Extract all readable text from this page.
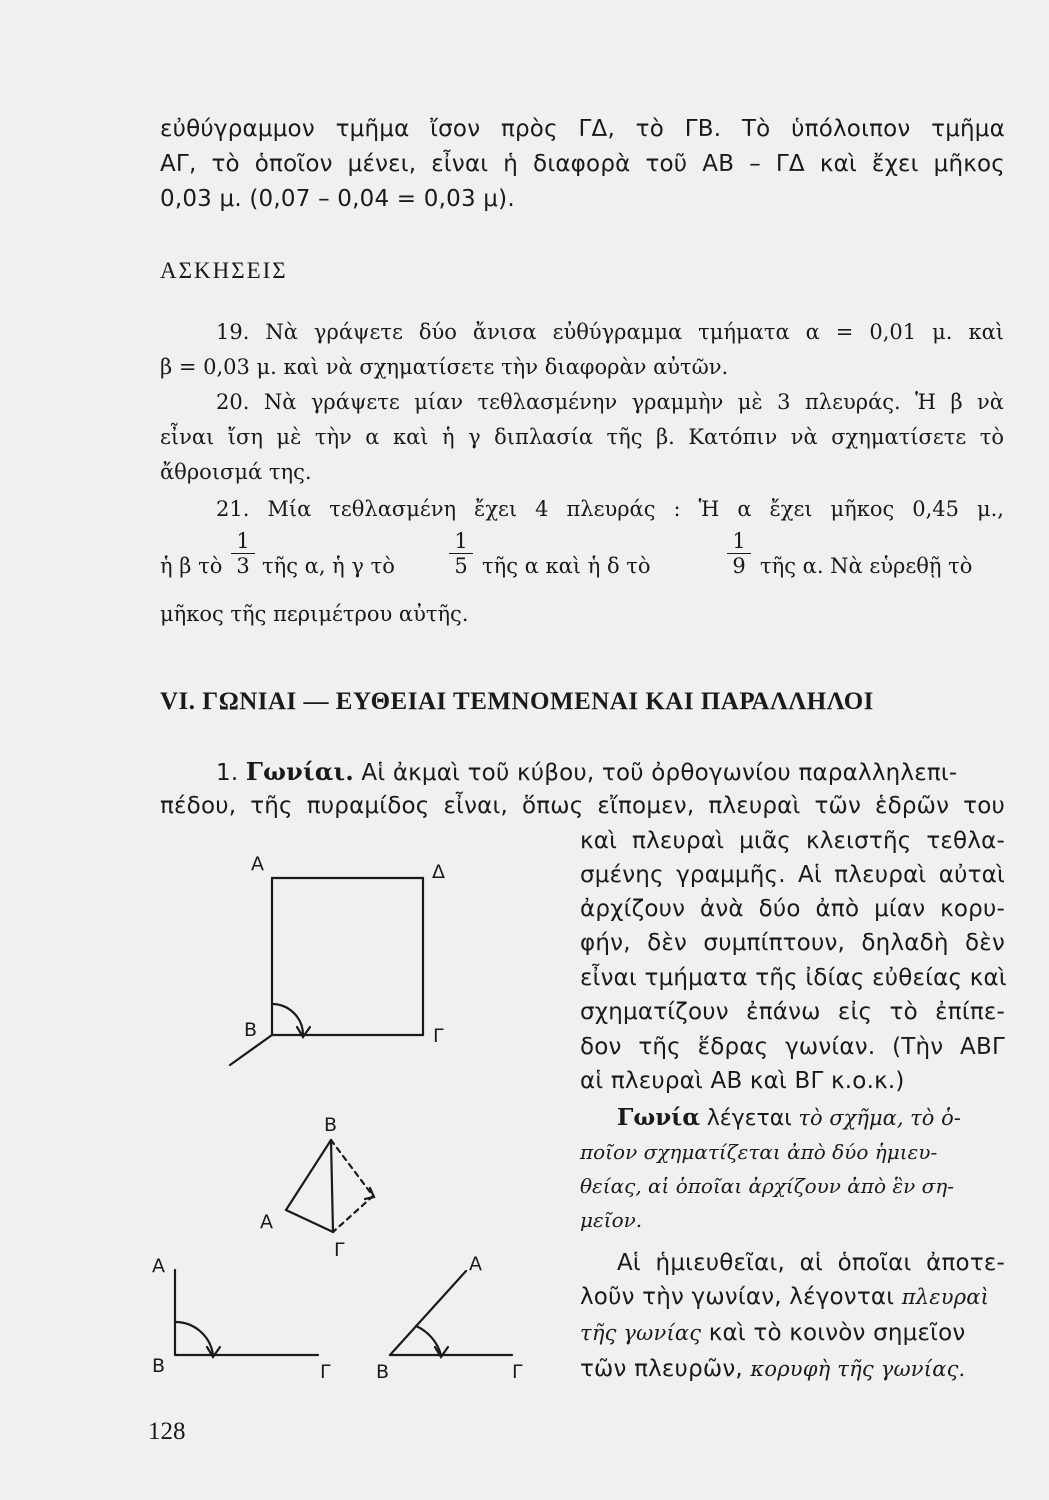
εὐθύγραμμον τμῆμα ἴσον πρὸς ΓΔ, τὸ ΓΒ. Τὸ ὑπόλοιπον τμῆμα
ΑΓ, τὸ ὁποῖον μένει, εἶναι ἡ διαφορὰ τοῦ ΑΒ – ΓΔ καὶ ἔχει μῆκος
0,03 μ. (0,07 – 0,04 = 0,03 μ).
ΑΣΚΗΣΕΙΣ
19. Νὰ γράψετε δύο ἄνισα εὐθύγραμμα τμήματα α = 0,01 μ. καὶ
β = 0,03 μ. καὶ νὰ σχηματίσετε τὴν διαφορὰν αὐτῶν.
20. Νὰ γράψετε μίαν τεθλασμένην γραμμὴν μὲ 3 πλευράς. Ἡ β νὰ
εἶναι ἴση μὲ τὴν α καὶ ἡ γ διπλασία τῆς β. Κατόπιν νὰ σχηματίσετε τὸ
ἄθροισμά της.
21. Μία τεθλασμένη ἔχει 4 πλευράς : Ἡ α ἔχει μῆκος 0,45 μ.,
ἡ β τὸ
1
3 τῆς α, ἡ γ τὸ
1
5 τῆς α καὶ ἡ δ τὸ
1
9 τῆς α. Νὰ εὑρεθῇ τὸ
μῆκος τῆς περιμέτρου αὐτῆς.
VI. ΓΩΝΙΑΙ — ΕΥΘΕΙΑΙ ΤΕΜΝΟΜΕΝΑΙ ΚΑΙ ΠΑΡΑΛΛΗΛΟΙ
1. Γωνίαι. Αἱ ἀκμαὶ τοῦ κύβου, τοῦ ὀρθογωνίου παραλληλεπι-
πέδου, τῆς πυραμίδος εἶναι, ὅπως εἴπομεν, πλευραὶ τῶν ἑδρῶν του
καὶ πλευραὶ μιᾶς κλειστῆς τεθλα-
σμένης γραμμῆς. Αἱ πλευραὶ αὐταὶ
ἀρχίζουν ἀνὰ δύο ἀπὸ μίαν κορυ-
φήν, δὲν συμπίπτουν, δηλαδὴ δὲν
εἶναι τμήματα τῆς ἰδίας εὐθείας καὶ
σχηματίζουν ἐπάνω εἰς τὸ ἐπίπε-
δον τῆς ἕδρας γωνίαν. (Τὴν ΑΒΓ
αἱ πλευραὶ ΑΒ καὶ ΒΓ κ.ο.κ.)
Γωνία λέγεται τὸ σχῆμα, τὸ ὁ-
ποῖον σχηματίζεται ἀπὸ δύο ἡμιευ-
θείας, αἱ ὁποῖαι ἀρχίζουν ἀπὸ ἓν ση-
μεῖον.
Αἱ ἡμιευθεῖαι, αἱ ὁποῖαι ἀποτε-
λοῦν τὴν γωνίαν, λέγονται πλευραὶ
τῆς γωνίας καὶ τὸ κοινὸν σημεῖον
τῶν πλευρῶν, κορυφὴ τῆς γωνίας.
Α	Δ
Β	Γ
Β
Α
Γ
Α
Β	Γ
Α
Β	Γ
128
